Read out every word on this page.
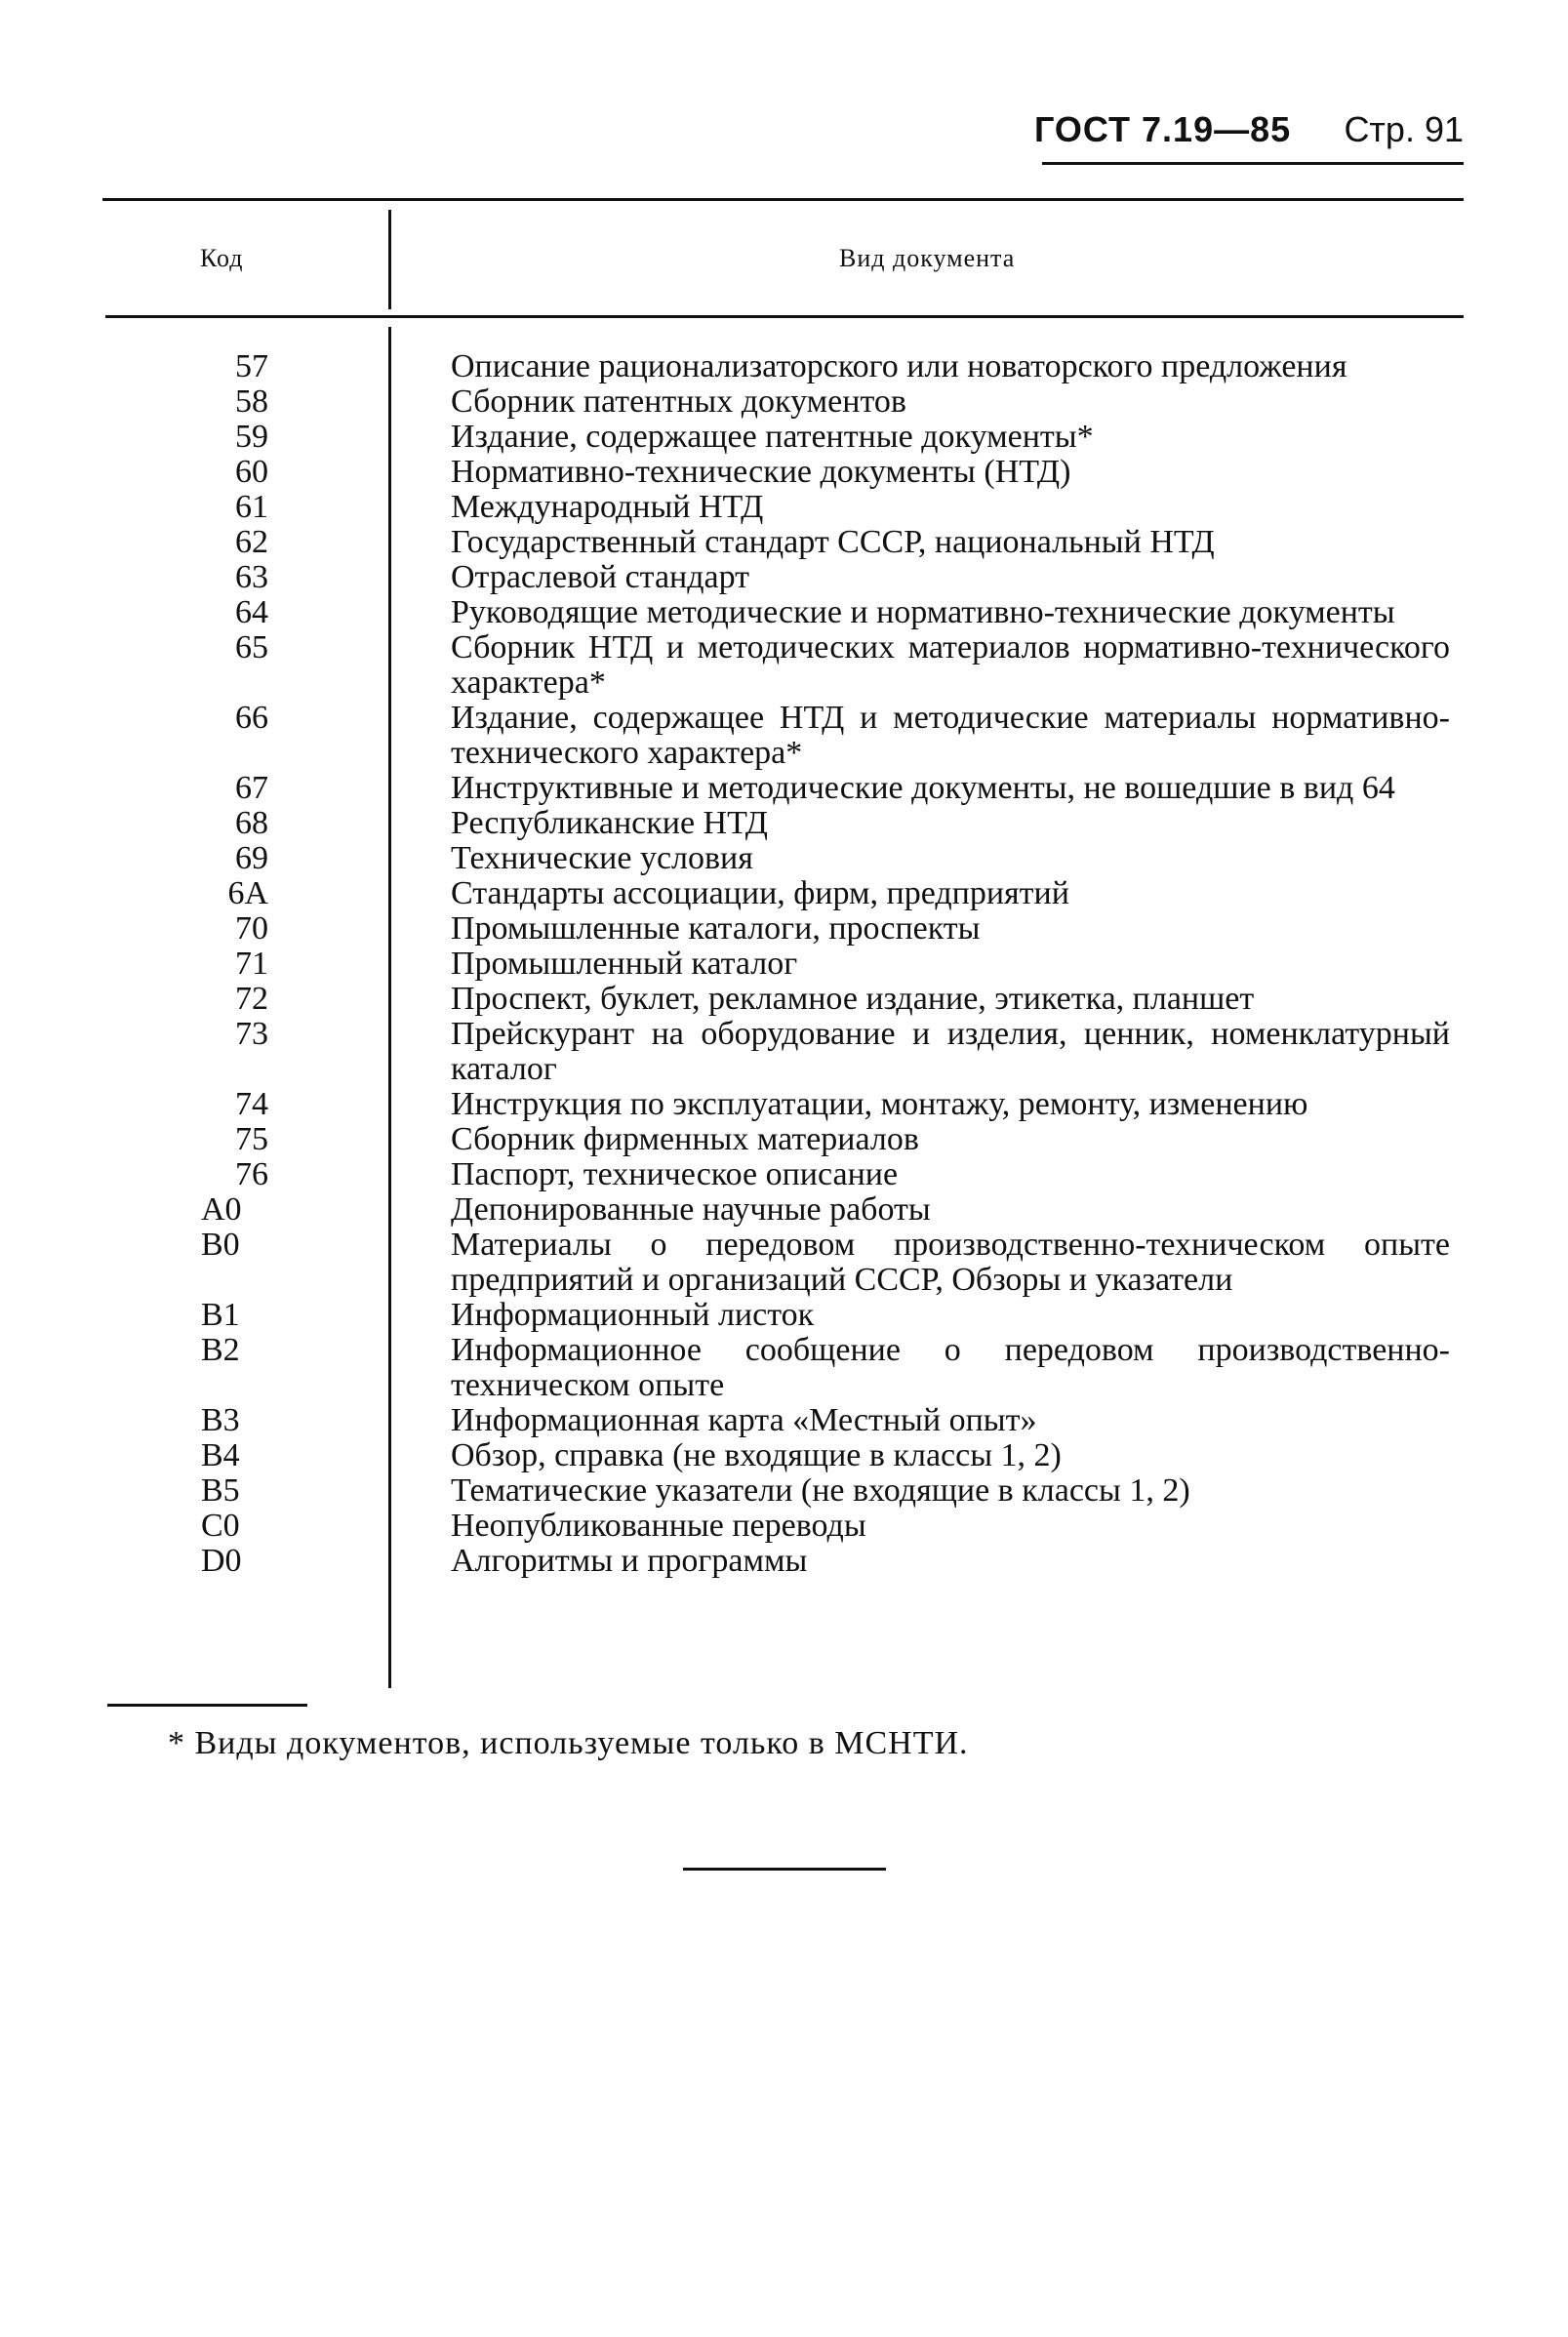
ГОСТ 7.19—85 Стр. 91
Код	Вид документа
57	Описание рационализаторского или новаторского предложения
58	Сборник патентных документов
59	Издание, содержащее патентные документы*
60	Нормативно-технические документы (НТД)
61	Международный НТД
62	Государственный стандарт СССР, национальный НТД
63	Отраслевой стандарт
64	Руководящие методические и нормативно-технические документы
65	Сборник НТД и методических материалов нормативно-технического характера*
66	Издание, содержащее НТД и методические материалы нормативно-технического характера*
67	Инструктивные и методические документы, не вошедшие в вид 64
68	Республиканские НТД
69	Технические условия
6A	Стандарты ассоциации, фирм, предприятий
70	Промышленные каталоги, проспекты
71	Промышленный каталог
72	Проспект, буклет, рекламное издание, этикетка, планшет
73	Прейскурант на оборудование и изделия, ценник, номенклатурный каталог
74	Инструкция по эксплуатации, монтажу, ремонту, изменению
75	Сборник фирменных материалов
76	Паспорт, техническое описание
A0	Депонированные научные работы
B0	Материалы о передовом производственно-техническом опыте предприятий и организаций СССР, Обзоры и указатели
B1	Информационный листок
B2	Информационное сообщение о передовом производственно-техническом опыте
B3	Информационная карта «Местный опыт»
B4	Обзор, справка (не входящие в классы 1, 2)
B5	Тематические указатели (не входящие в классы 1, 2)
C0	Неопубликованные переводы
D0	Алгоритмы и программы
* Виды документов, используемые только в МСНТИ.
